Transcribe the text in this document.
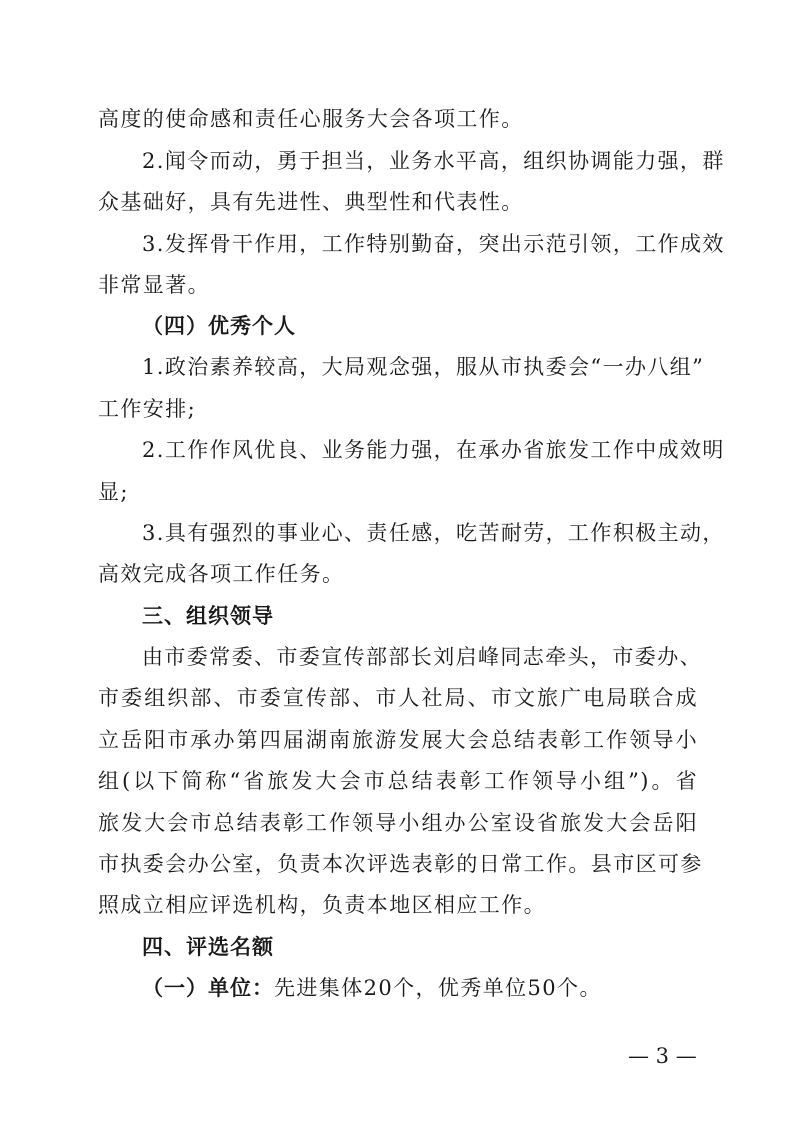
高度的使命感和责任心服务大会各项工作。
2.闻令而动，勇于担当，业务水平高，组织协调能力强，群
众基础好，具有先进性、典型性和代表性。
3.发挥骨干作用，工作特别勤奋，突出示范引领，工作成效
非常显著。
（四）优秀个人
1.政治素养较高，大局观念强，服从市执委会“一办八组”
工作安排;
2.工作作风优良、业务能力强，在承办省旅发工作中成效明
显;
3.具有强烈的事业心、责任感，吃苦耐劳，工作积极主动，
高效完成各项工作任务。
三、组织领导
由市委常委、市委宣传部部长刘启峰同志牵头，市委办、
市委组织部、市委宣传部、市人社局、市文旅广电局联合成
立岳阳市承办第四届湖南旅游发展大会总结表彰工作领导小
组(以下简称“省旅发大会市总结表彰工作领导小组”)。省
旅发大会市总结表彰工作领导小组办公室设省旅发大会岳阳
市执委会办公室，负责本次评选表彰的日常工作。县市区可参
照成立相应评选机构，负责本地区相应工作。
四、评选名额
（一）单位：先进集体20个，优秀单位50个。
— 3 —
